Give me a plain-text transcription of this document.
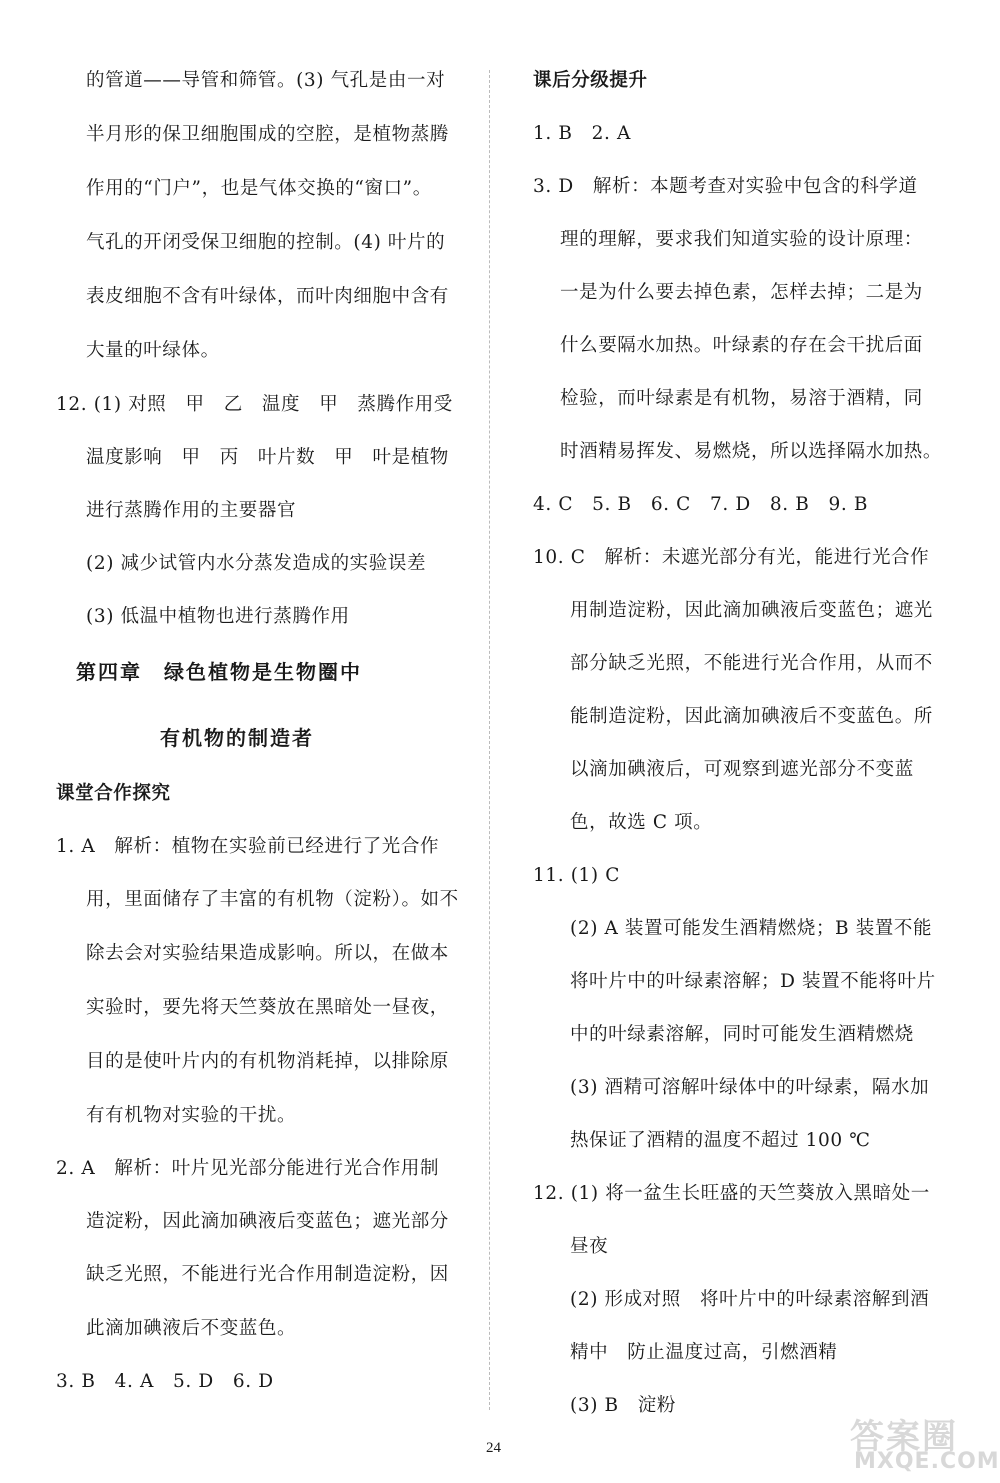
的管道——导管和筛管。(3) 气孔是由一对
半月形的保卫细胞围成的空腔，是植物蒸腾
作用的“门户”，也是气体交换的“窗口”。
气孔的开闭受保卫细胞的控制。(4) 叶片的
表皮细胞不含有叶绿体，而叶肉细胞中含有
大量的叶绿体。
12. (1) 对照　甲　乙　温度　甲　蒸腾作用受
温度影响　甲　丙　叶片数　甲　叶是植物
进行蒸腾作用的主要器官
(2) 减少试管内水分蒸发造成的实验误差
(3) 低温中植物也进行蒸腾作用
第四章　绿色植物是生物圈中
有机物的制造者
课堂合作探究
1. A　解析：植物在实验前已经进行了光合作
用，里面储存了丰富的有机物（淀粉）。如不
除去会对实验结果造成影响。所以，在做本
实验时，要先将天竺葵放在黑暗处一昼夜，
目的是使叶片内的有机物消耗掉，以排除原
有有机物对实验的干扰。
2. A　解析：叶片见光部分能进行光合作用制
造淀粉，因此滴加碘液后变蓝色；遮光部分
缺乏光照，不能进行光合作用制造淀粉，因
此滴加碘液后不变蓝色。
3. B　4. A　5. D　6. D
课后分级提升
1. B　2. A
3. D　解析：本题考查对实验中包含的科学道
理的理解，要求我们知道实验的设计原理：
一是为什么要去掉色素，怎样去掉；二是为
什么要隔水加热。叶绿素的存在会干扰后面
检验，而叶绿素是有机物，易溶于酒精，同
时酒精易挥发、易燃烧，所以选择隔水加热。
4. C　5. B　6. C　7. D　8. B　9. B
10. C　解析：未遮光部分有光，能进行光合作
用制造淀粉，因此滴加碘液后变蓝色；遮光
部分缺乏光照，不能进行光合作用，从而不
能制造淀粉，因此滴加碘液后不变蓝色。所
以滴加碘液后，可观察到遮光部分不变蓝
色，故选 C 项。
11. (1) C
(2) A 装置可能发生酒精燃烧；B 装置不能
将叶片中的叶绿素溶解；D 装置不能将叶片
中的叶绿素溶解，同时可能发生酒精燃烧
(3) 酒精可溶解叶绿体中的叶绿素，隔水加
热保证了酒精的温度不超过 100 ℃
12. (1) 将一盆生长旺盛的天竺葵放入黑暗处一
昼夜
(2) 形成对照　将叶片中的叶绿素溶解到酒
精中　防止温度过高，引燃酒精
(3) B　淀粉
24	答案圈
MXQE.COM
